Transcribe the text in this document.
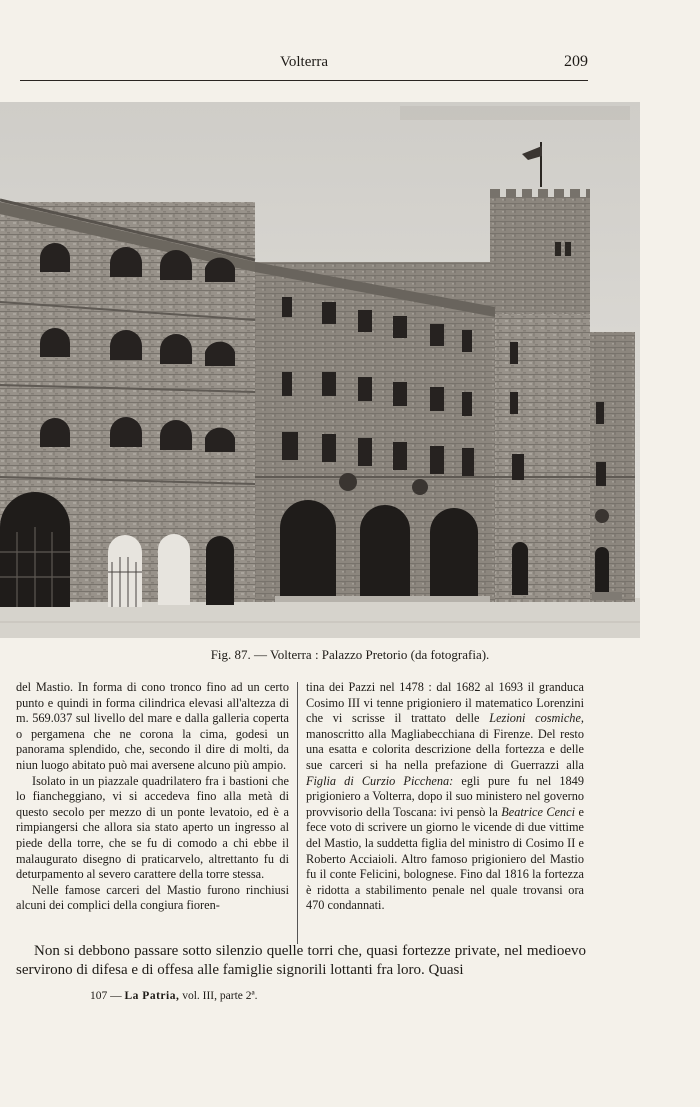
Volterra	209
Fig. 87. — Volterra : Palazzo Pretorio (da fotografia).

del Mastio. In forma di cono tronco fino ad un certo punto e quindi in forma cilindrica elevasi all'altezza di m. 569.037 sul livello del mare e dalla galleria coperta o pergamena che ne corona la cima, godesi un panorama splendido, che, secondo il dire di molti, da niun luogo abitato può mai aversene alcuno più ampio.

Isolato in un piazzale quadrilatero fra i bastioni che lo fiancheggiano, vi si accedeva fino alla metà di questo secolo per mezzo di un ponte levatoio, ed è a rimpiangersi che allora sia stato aperto un ingresso al piede della torre, che se fu di comodo a chi ebbe il malaugurato disegno di praticarvelo, altrettanto fu di deturpamento al severo carattere della torre stessa.

Nelle famose carceri del Mastio furono rinchiusi alcuni dei complici della congiura fioren-

tina dei Pazzi nel 1478 : dal 1682 al 1693 il granduca Cosimo III vi tenne prigioniero il matematico Lorenzini che vi scrisse il trattato delle Lezioni cosmiche, manoscritto alla Magliabecchiana di Firenze. Del resto una esatta e colorita descrizione della fortezza e delle sue carceri si ha nella prefazione di Guerrazzi alla Figlia di Curzio Picchena: egli pure fu nel 1849 prigioniero a Volterra, dopo il suo ministero nel governo provvisorio della Toscana: ivi pensò la Beatrice Cenci e fece voto di scrivere un giorno le vicende di due vittime del Mastio, la suddetta figlia del ministro di Cosimo II e Roberto Acciaioli. Altro famoso prigioniero del Mastio fu il conte Felicini, bolognese. Fino dal 1816 la fortezza è ridotta a stabilimento penale nel quale trovansi ora 470 condannati.

Non si debbono passare sotto silenzio quelle torri che, quasi fortezze private, nel medioevo servirono di difesa e di offesa alle famiglie signorili lottanti fra loro. Quasi
107 — La Patria, vol. III, parte 2ª.
